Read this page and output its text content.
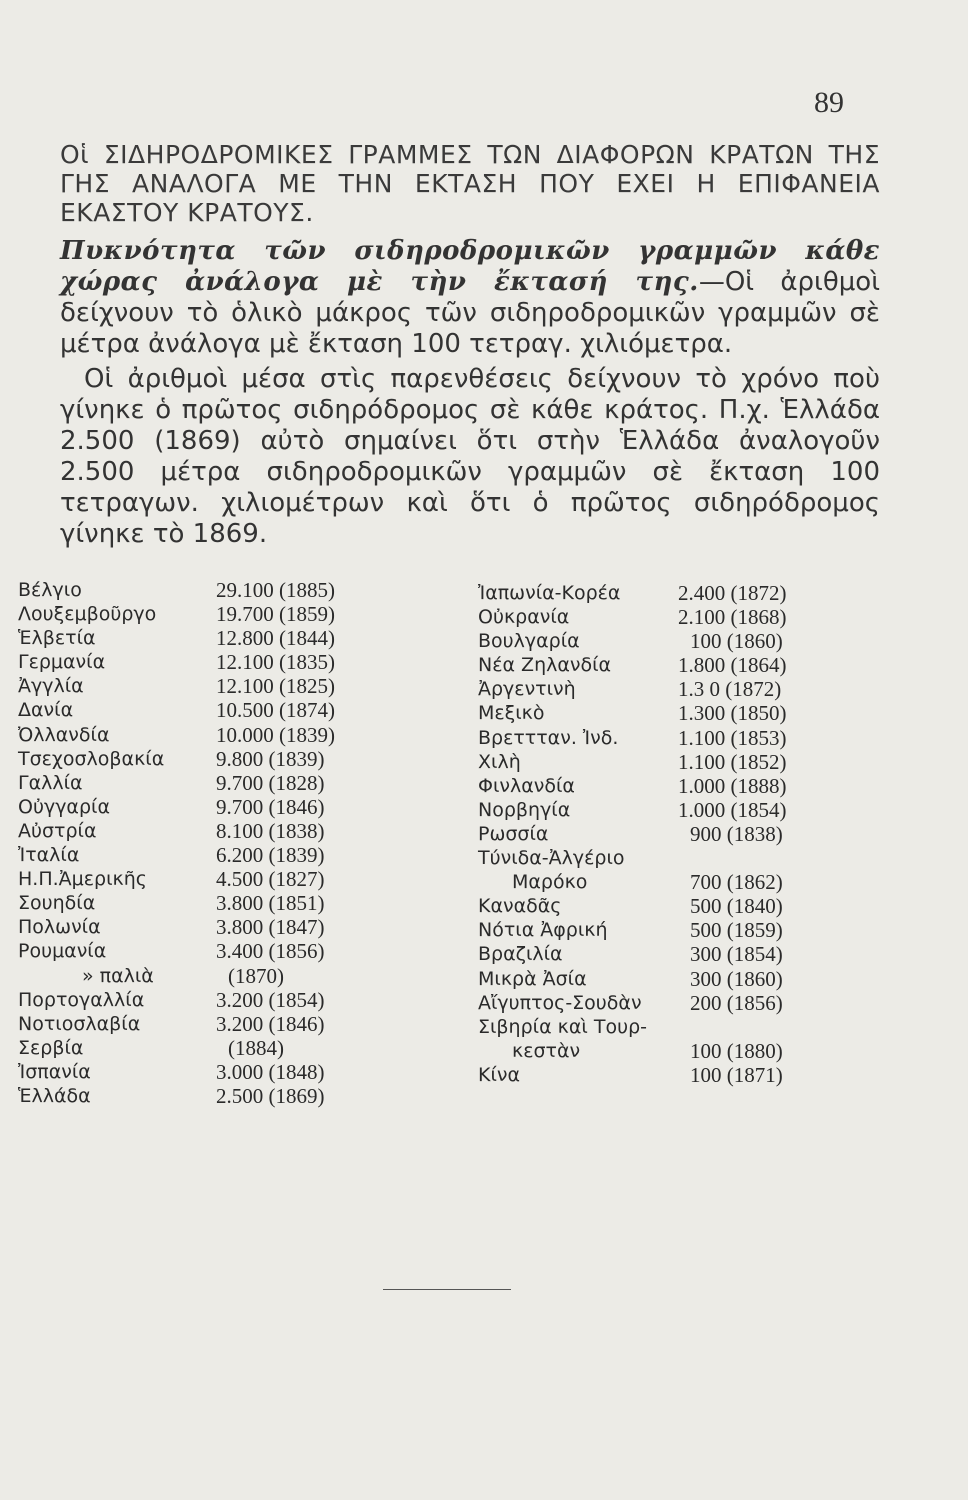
89
Οἱ ΣΙΔΗΡΟΔΡΟΜΙΚΕΣ ΓΡΑΜΜΕΣ ΤΩΝ ΔΙΑΦΟΡΩΝ ΚΡΑΤΩΝ ΤΗΣ ΓΗΣ ΑΝΑΛΟΓΑ ΜΕ ΤΗΝ ΕΚΤΑΣΗ ΠΟΥ ΕΧΕΙ Η ΕΠΙΦΑΝΕΙΑ ΕΚΑΣΤΟΥ ΚΡΑΤΟΥΣ.
Πυκνότητα τῶν σιδηροδρομικῶν γραμμῶν κάθε χώρας ἀνάλογα μὲ τὴν ἔκτασή της.—Οἱ ἀριθμοὶ δείχνουν τὸ ὁλικὸ μάκρος τῶν σιδηροδρομικῶν γραμμῶν σὲ μέτρα ἀνάλογα μὲ ἔκταση 100 τετραγ. χιλιόμετρα.
Οἱ ἀριθμοὶ μέσα στὶς παρενθέσεις δείχνουν τὸ χρόνο ποὺ γίνηκε ὁ πρῶτος σιδηρόδρομος σὲ κάθε κράτος. Π.χ. Ἑλλάδα 2.500 (1869) αὐτὸ σημαίνει ὅτι στὴν Ἑλλάδα ἀναλογοῦν 2.500 μέτρα σιδηροδρομικῶν γραμμῶν σὲ ἔκταση 100 τετραγων. χιλιομέτρων καὶ ὅτι ὁ πρῶτος σιδηρόδρομος γίνηκε τὸ 1869.
Βέλγιο	29.100 (1885)
Λουξεμβοῦργο	19.700 (1859)
Ἑλβετία	12.800 (1844)
Γερμανία	12.100 (1835)
Ἀγγλία	12.100 (1825)
Δανία	10.500 (1874)
Ὀλλανδία	10.000 (1839)
Τσεχοσλοβακία 9.800 (1839)
Γαλλία	9.700 (1828)
Οὐγγαρία	9.700 (1846)
Αὐστρία	8.100 (1838)
Ἰταλία	6.200 (1839)
Η.Π.Ἀμερικῆς	4.500 (1827)
Σουηδία	3.800 (1851)
Πολωνία	3.800 (1847)
Ρουμανία	3.400 (1856)
» παλιὰ	(1870)
Πορτογαλλία	3.200 (1854)
Νοτιοσλαβία	3.200 (1846)
Σερβία	(1884)
Ἰσπανία	3.000 (1848)
Ἑλλάδα	2.500 (1869)
Ἰαπωνία-Κορέα	2.400 (1872)
Οὐκρανία	2.100 (1868)
Βουλγαρία	100 (1860)
Νέα Ζηλανδία	1.800 (1864)
Ἀργεντινὴ	1.3 0 (1872)
Μεξικὸ	1.300 (1850)
Βρεττταν. Ἰνδ.	1.100 (1853)
Χιλὴ	1.100 (1852)
Φινλανδία	1.000 (1888)
Νορβηγία	1.000 (1854)
Ρωσσία	900 (1838)
Τύνιδα-Ἀλγέριο
Μαρόκο	700 (1862)
Καναδᾶς	500 (1840)
Νότια Ἀφρική	500 (1859)
Βραζιλία	300 (1854)
Μικρὰ Ἀσία	300 (1860)
Αἴγυπτος-Σουδὰν 200 (1856)
Σιβηρία καὶ Τουρ-
κεστὰν	100 (1880)
Κίνα	100 (1871)
